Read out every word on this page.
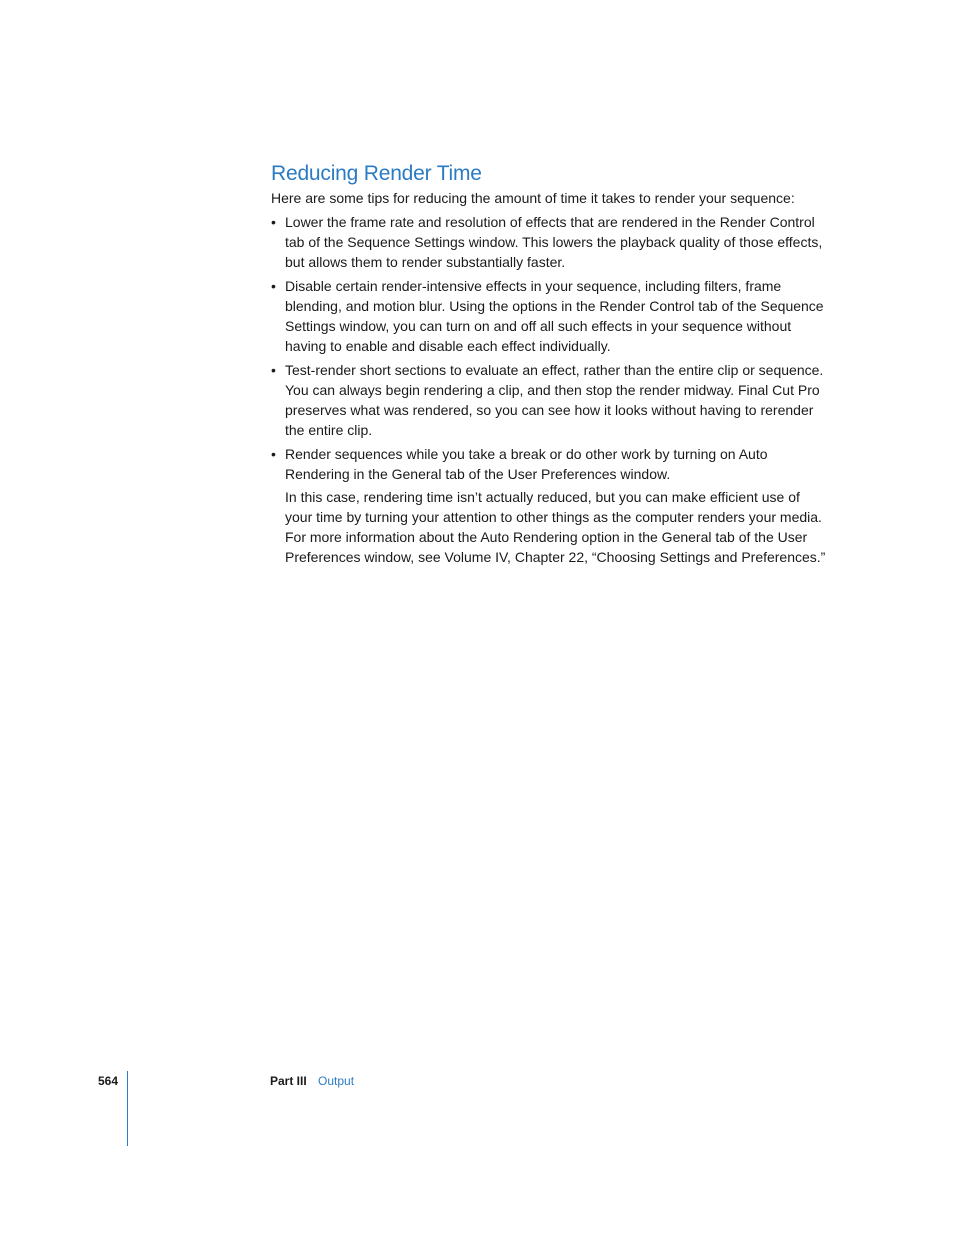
Reducing Render Time

Here are some tips for reducing the amount of time it takes to render your sequence:

• Lower the frame rate and resolution of effects that are rendered in the Render Control tab of the Sequence Settings window. This lowers the playback quality of those effects, but allows them to render substantially faster.

• Disable certain render-intensive effects in your sequence, including filters, frame blending, and motion blur. Using the options in the Render Control tab of the Sequence Settings window, you can turn on and off all such effects in your sequence without having to enable and disable each effect individually.

• Test-render short sections to evaluate an effect, rather than the entire clip or sequence. You can always begin rendering a clip, and then stop the render midway. Final Cut Pro preserves what was rendered, so you can see how it looks without having to rerender the entire clip.

• Render sequences while you take a break or do other work by turning on Auto Rendering in the General tab of the User Preferences window.

In this case, rendering time isn’t actually reduced, but you can make efficient use of your time by turning your attention to other things as the computer renders your media. For more information about the Auto Rendering option in the General tab of the User Preferences window, see Volume IV, Chapter 22, “Choosing Settings and Preferences.”

564	Part III Output
